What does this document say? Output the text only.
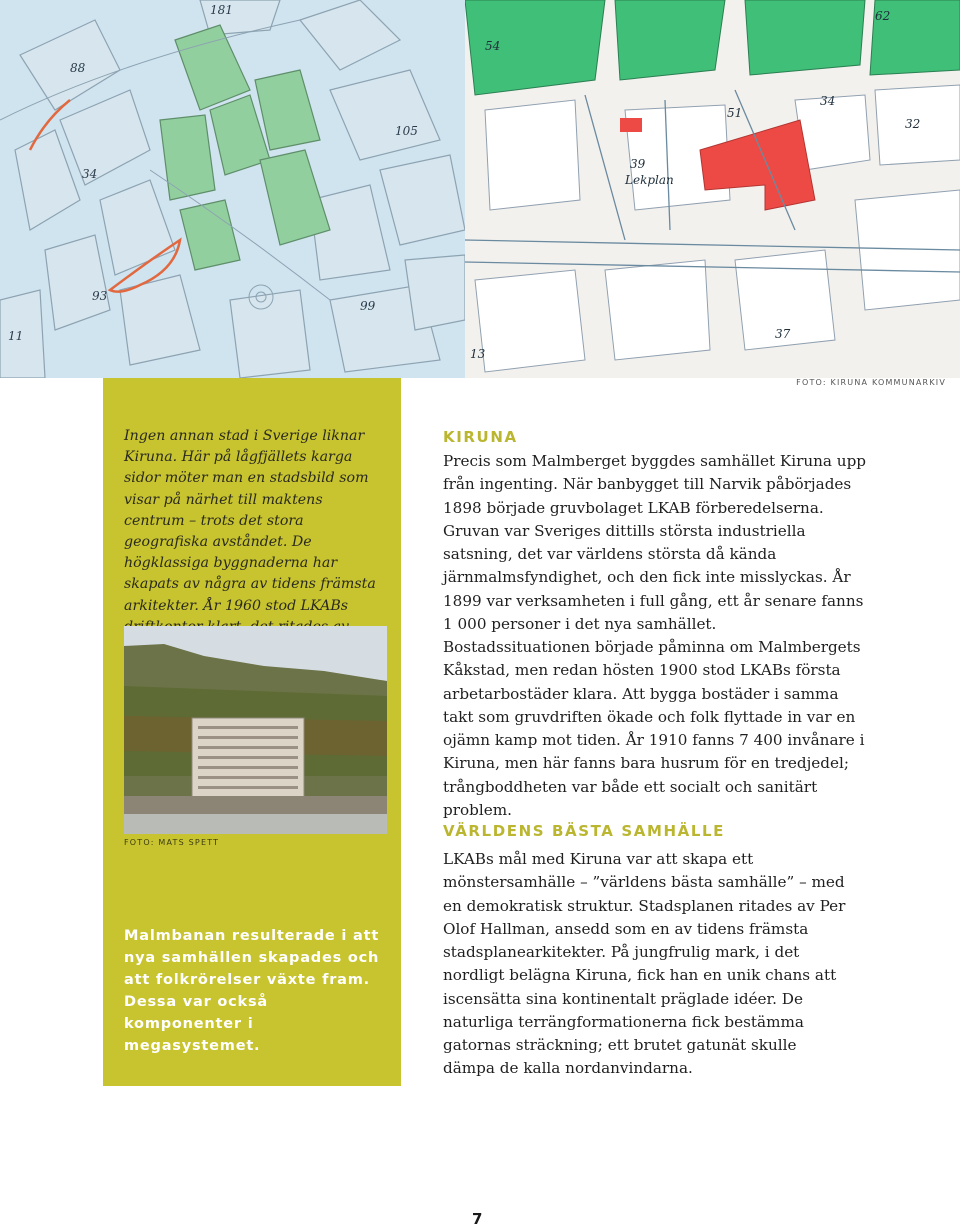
181
88
34
105
93
11
99
54
39
Lekplan
51
34
32
37
13
62
FOTO: KIRUNA KOMMUNARKIV

Ingen annan stad i Sverige liknar Kiruna. Här på lågfjällets karga sidor möter man en stadsbild som visar på närhet till maktens centrum – trots det stora geografiska avståndet. De högklassiga byggnaderna har skapats av några av tidens främsta arkitekter. År 1960 stod LKABs

FOTO: MATS SPETT

Malmbanan resulterade i att nya samhällen skapades och att folkrörelser växte fram. Dessa var också komponenter i megasystemet.

KIRUNA

Precis som Malmberget byggdes samhället Kiruna upp från ingenting. När banbygget till Narvik påbörjades 1898 började gruvbolaget LKAB förberedelserna. Gruvan var Sveriges dittills största industriella satsning, det var världens största då kända järnmalmsfyndighet, och den fick inte misslyckas. År 1899 var verksamheten i full gång, ett år senare fanns 1 000 personer i det nya samhället. Bostadssituationen började påminna om Malmbergets Kåkstad, men redan hösten 1900 stod LKABs första arbetarbostäder klara. Att bygga bostäder i samma takt som gruvdriften ökade och folk flyttade in var en ojämn kamp mot tiden. År 1910 fanns 7 400 invånare i Kiruna, men här fanns bara husrum för en tredjedel; trångboddheten var både ett socialt och sanitärt problem.

VÄRLDENS BÄSTA SAMHÄLLE

LKABs mål med Kiruna var att skapa ett mönstersamhälle – ”världens bästa samhälle” – med en demokratisk struktur. Stadsplanen ritades av Per Olof Hallman, ansedd som en av tidens främsta stadsplanearkitekter. På jungfrulig mark, i det nordligt belägna Kiruna, fick han en unik chans att iscensätta sina kontinentalt präglade idéer. De naturliga terrängformationerna fick bestämma gatornas sträckning; ett brutet gatunät skulle dämpa de kalla nordanvindarna.

7
